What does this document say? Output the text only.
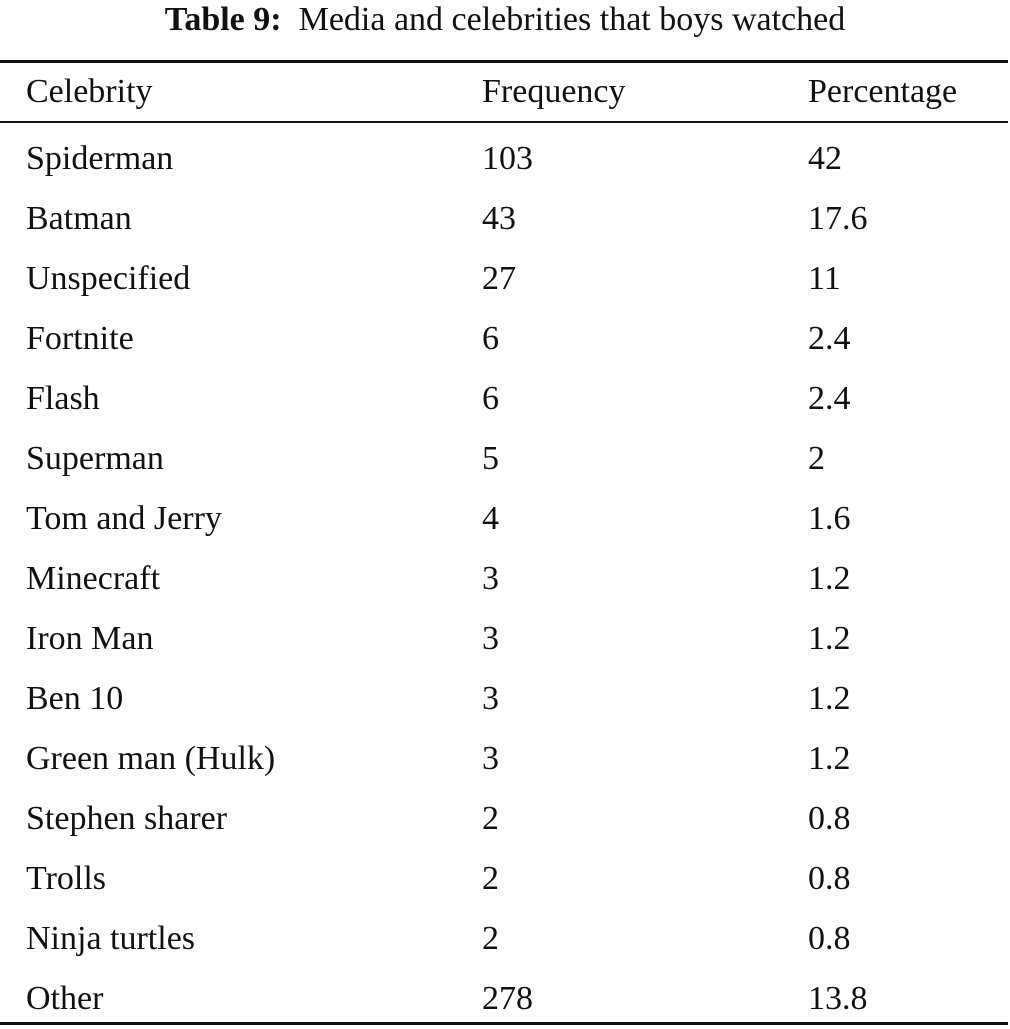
Table 9: Media and celebrities that boys watched
Celebrity	Frequency	Percentage
Spiderman	103	42
Batman	43	17.6
Unspecified	27	11
Fortnite	6	2.4
Flash	6	2.4
Superman	5	2
Tom and Jerry	4	1.6
Minecraft	3	1.2
Iron Man	3	1.2
Ben 10	3	1.2
Green man (Hulk)	3	1.2
Stephen sharer	2	0.8
Trolls	2	0.8
Ninja turtles	2	0.8
Other	278	13.8
